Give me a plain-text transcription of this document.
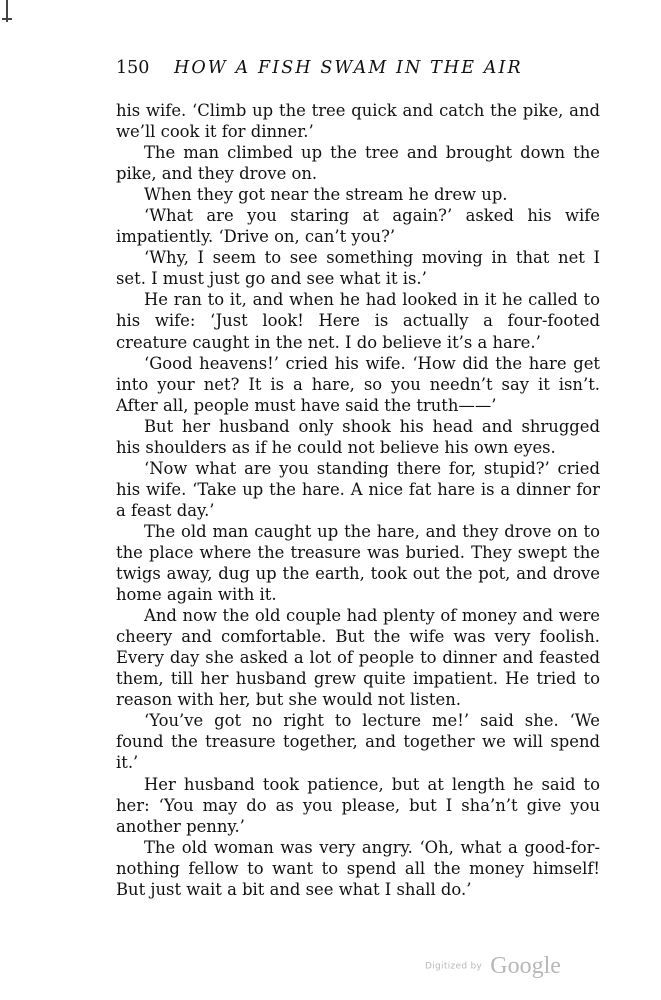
150 HOW A FISH SWAM IN THE AIR

his wife. ‘Climb up the tree quick and catch the pike, and we’ll cook it for dinner.’

The man climbed up the tree and brought down the pike, and they drove on.

When they got near the stream he drew up.

‘What are you staring at again?’ asked his wife impatiently. ‘Drive on, can’t you?’

‘Why, I seem to see something moving in that net I set. I must just go and see what it is.’

He ran to it, and when he had looked in it he called to his wife: ‘Just look! Here is actually a four-footed creature caught in the net. I do believe it’s a hare.’

‘Good heavens!’ cried his wife. ‘How did the hare get into your net? It is a hare, so you needn’t say it isn’t. After all, people must have said the truth——’

But her husband only shook his head and shrugged his shoulders as if he could not believe his own eyes.

‘Now what are you standing there for, stupid?’ cried his wife. ‘Take up the hare. A nice fat hare is a dinner for a feast day.’

The old man caught up the hare, and they drove on to the place where the treasure was buried. They swept the twigs away, dug up the earth, took out the pot, and drove home again with it.

And now the old couple had plenty of money and were cheery and comfortable. But the wife was very foolish. Every day she asked a lot of people to dinner and feasted them, till her husband grew quite impatient. He tried to reason with her, but she would not listen.

‘You’ve got no right to lecture me!’ said she. ‘We found the treasure together, and together we will spend it.’

Her husband took patience, but at length he said to her: ‘You may do as you please, but I sha’n’t give you another penny.’

The old woman was very angry. ‘Oh, what a good-for-nothing fellow to want to spend all the money himself! But just wait a bit and see what I shall do.’

Digitized by Google
